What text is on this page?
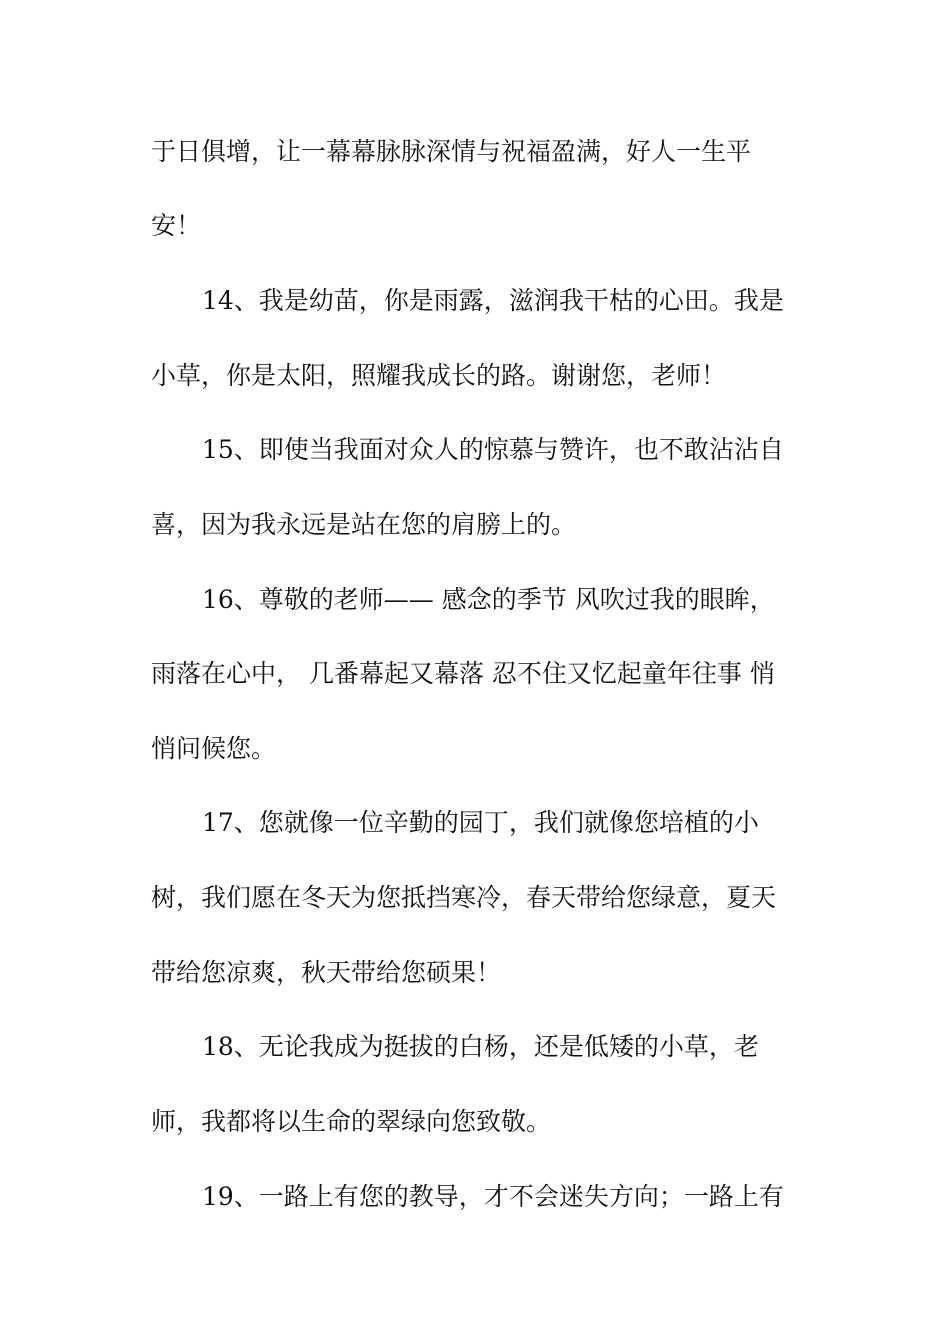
于日俱增，让一幕幕脉脉深情与祝福盈满，好人一生平
安！
14、我是幼苗，你是雨露，滋润我干枯的心田。我是
小草，你是太阳，照耀我成长的路。谢谢您，老师！
15、即使当我面对众人的惊慕与赞许，也不敢沾沾自
喜，因为我永远是站在您的肩膀上的。
16、尊敬的老师—— 感念的季节 风吹过我的眼眸，
雨落在心中， 几番幕起又幕落 忍不住又忆起童年往事 悄
悄问候您。
17、您就像一位辛勤的园丁，我们就像您培植的小
树，我们愿在冬天为您抵挡寒冷，春天带给您绿意，夏天
带给您凉爽，秋天带给您硕果！
18、无论我成为挺拔的白杨，还是低矮的小草，老
师，我都将以生命的翠绿向您致敬。
19、一路上有您的教导，才不会迷失方向；一路上有
